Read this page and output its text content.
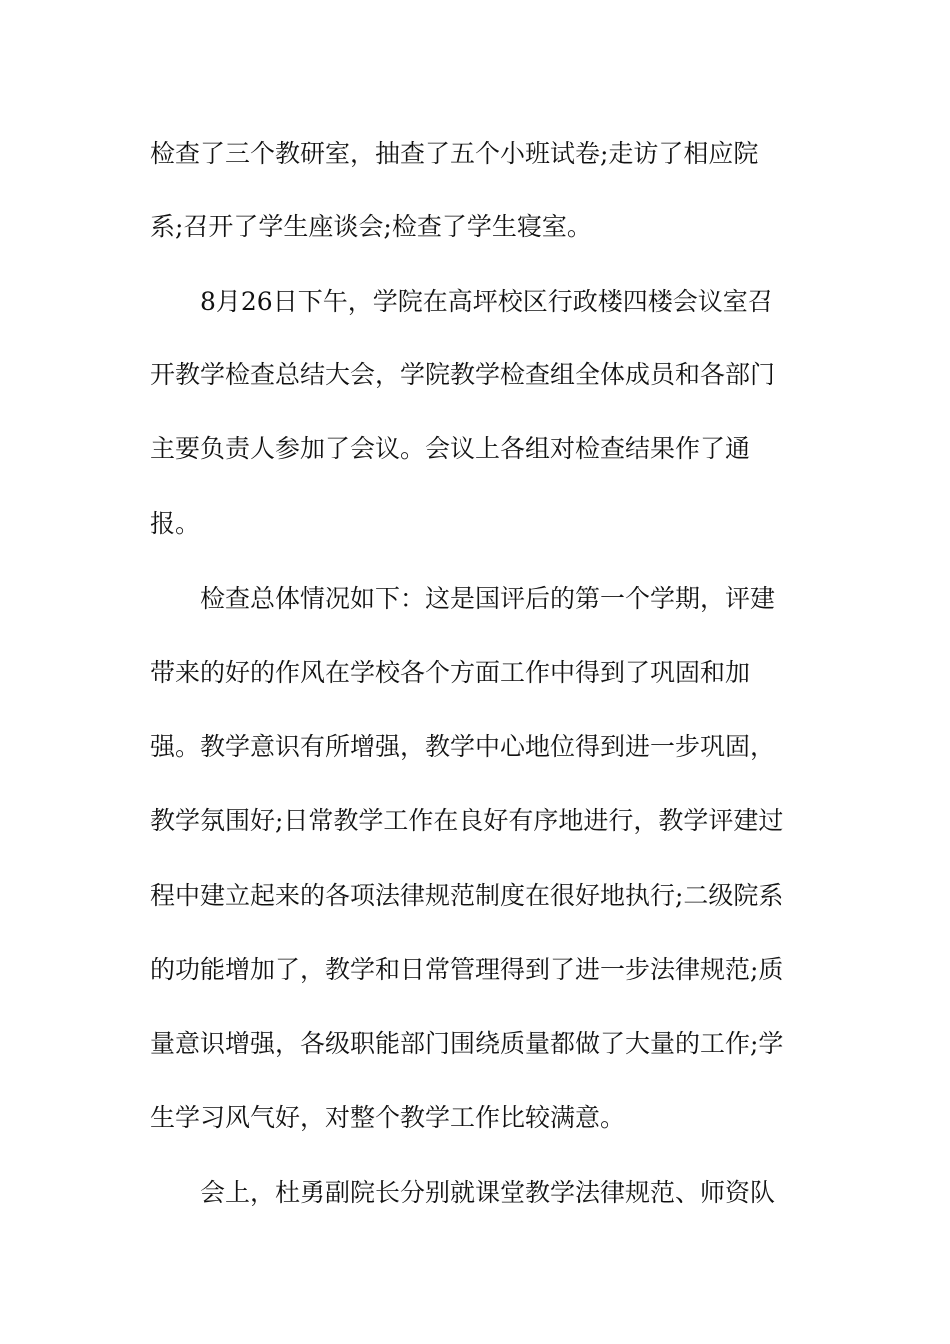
检查了三个教研室，抽查了五个小班试卷;走访了相应院
系;召开了学生座谈会;检查了学生寝室。
8月26日下午，学院在高坪校区行政楼四楼会议室召
开教学检查总结大会，学院教学检查组全体成员和各部门
主要负责人参加了会议。会议上各组对检查结果作了通
报。
检查总体情况如下：这是国评后的第一个学期，评建
带来的好的作风在学校各个方面工作中得到了巩固和加
强。教学意识有所增强，教学中心地位得到进一步巩固，
教学氛围好;日常教学工作在良好有序地进行，教学评建过
程中建立起来的各项法律规范制度在很好地执行;二级院系
的功能增加了，教学和日常管理得到了进一步法律规范;质
量意识增强，各级职能部门围绕质量都做了大量的工作;学
生学习风气好，对整个教学工作比较满意。
会上，杜勇副院长分别就课堂教学法律规范、师资队
